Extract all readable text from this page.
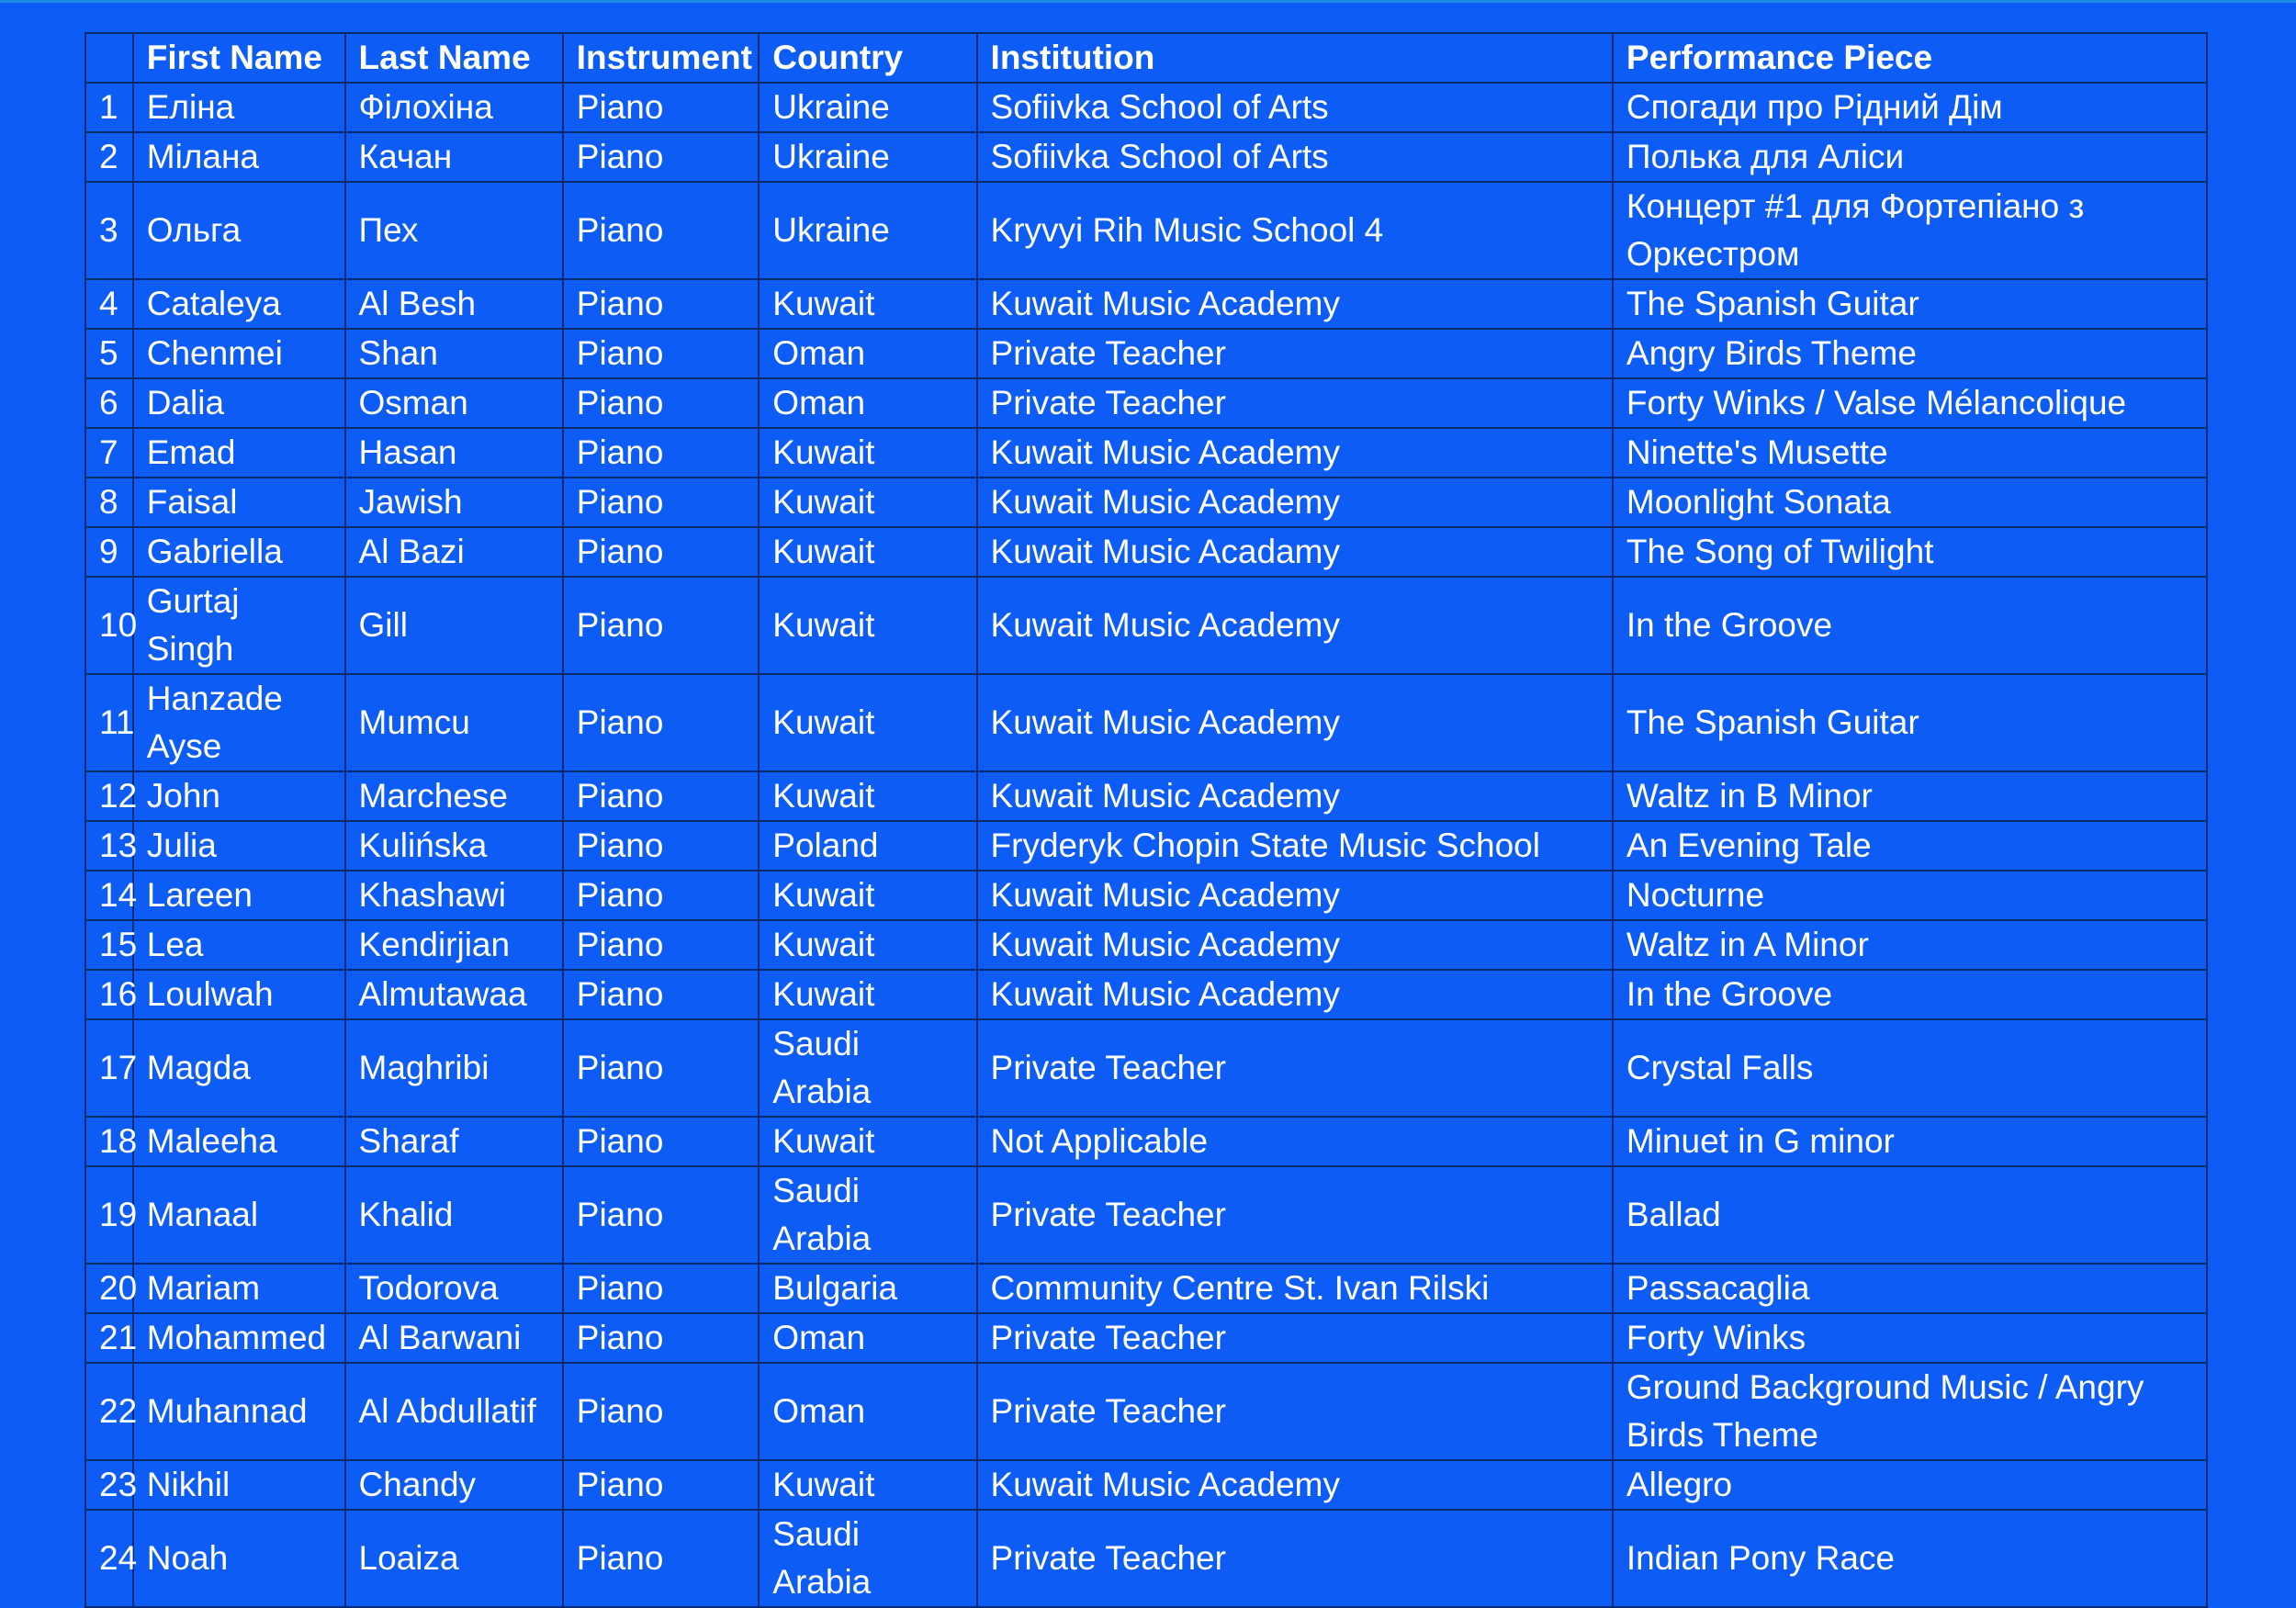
	First Name	Last Name	Instrument	Country	Institution	Performance Piece
1	Еліна	Філохіна	Piano	Ukraine	Sofiivka School of Arts	Спогади про Рідний Дім
2	Мілана	Качан	Piano	Ukraine	Sofiivka School of Arts	Полька для Аліси
3	Ольга	Пех	Piano	Ukraine	Kryvyi Rih Music School 4	Концерт #1 для Фортепіано з Оркестром
4	Cataleya	Al Besh	Piano	Kuwait	Kuwait Music Academy	The Spanish Guitar
5	Chenmei	Shan	Piano	Oman	Private Teacher	Angry Birds Theme
6	Dalia	Osman	Piano	Oman	Private Teacher	Forty Winks / Valse Mélancolique
7	Emad	Hasan	Piano	Kuwait	Kuwait Music Academy	Ninette's Musette
8	Faisal	Jawish	Piano	Kuwait	Kuwait Music Academy	Moonlight Sonata
9	Gabriella	Al Bazi	Piano	Kuwait	Kuwait Music Acadamy	The Song of Twilight
10	Gurtaj Singh	Gill	Piano	Kuwait	Kuwait Music Academy	In the Groove
11	Hanzade Ayse	Mumcu	Piano	Kuwait	Kuwait Music Academy	The Spanish Guitar
12	John	Marchese	Piano	Kuwait	Kuwait Music Academy	Waltz in B Minor
13	Julia	Kulińska	Piano	Poland	Fryderyk Chopin State Music School	An Evening Tale
14	Lareen	Khashawi	Piano	Kuwait	Kuwait Music Academy	Nocturne
15	Lea	Kendirjian	Piano	Kuwait	Kuwait Music Academy	Waltz in A Minor
16	Loulwah	Almutawaa	Piano	Kuwait	Kuwait Music Academy	In the Groove
17	Magda	Maghribi	Piano	Saudi Arabia	Private Teacher	Crystal Falls
18	Maleeha	Sharaf	Piano	Kuwait	Not Applicable	Minuet in G minor
19	Manaal	Khalid	Piano	Saudi Arabia	Private Teacher	Ballad
20	Mariam	Todorova	Piano	Bulgaria	Community Centre St. Ivan Rilski	Passacaglia
21	Mohammed	Al Barwani	Piano	Oman	Private Teacher	Forty Winks
22	Muhannad	Al Abdullatif	Piano	Oman	Private Teacher	Ground Background Music / Angry Birds Theme
23	Nikhil	Chandy	Piano	Kuwait	Kuwait Music Academy	Allegro
24	Noah	Loaiza	Piano	Saudi Arabia	Private Teacher	Indian Pony Race
